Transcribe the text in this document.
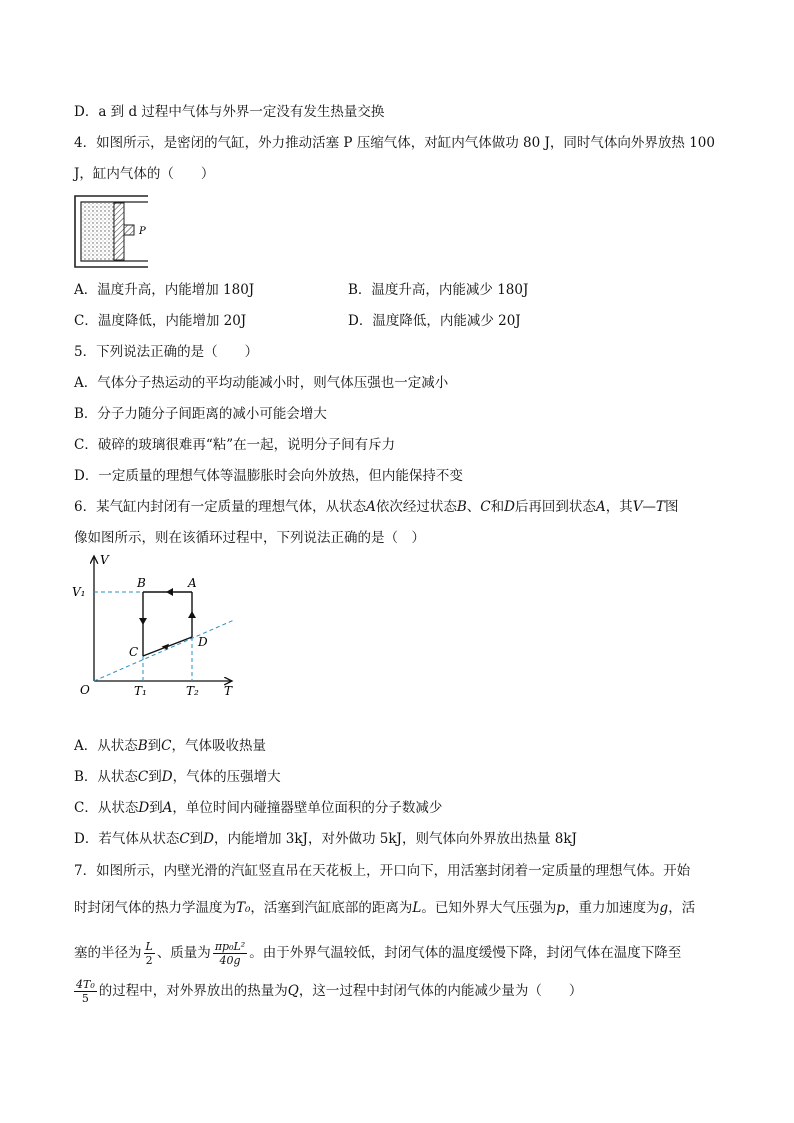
D．a 到 d 过程中气体与外界一定没有发生热量交换
4．如图所示，是密闭的气缸，外力推动活塞 P 压缩气体，对缸内气体做功 80 J，同时气体向外界放热 100
J，缸内气体的（　　）
P
A．温度升高，内能增加 180J	B．温度升高，内能减少 180J
C．温度降低，内能增加 20J	D．温度降低，内能减少 20J
5．下列说法正确的是（　　）
A．气体分子热运动的平均动能减小时，则气体压强也一定减小
B．分子力随分子间距离的减小可能会增大
C．破碎的玻璃很难再“粘”在一起，说明分子间有斥力
D．一定质量的理想气体等温膨胀时会向外放热，但内能保持不变
6．某气缸内封闭有一定质量的理想气体，从状态A依次经过状态B、C和D后再回到状态A，其V—T图
像如图所示，则在该循环过程中，下列说法正确的是（　）
V
T
O
V₁
T₁	T₂
B	A
C
D
A．从状态B到C，气体吸收热量
B．从状态C到D，气体的压强增大
C．从状态D到A，单位时间内碰撞器壁单位面积的分子数减少
D．若气体从状态C到D，内能增加 3kJ，对外做功 5kJ，则气体向外界放出热量 8kJ
7．如图所示，内壁光滑的汽缸竖直吊在天花板上，开口向下，用活塞封闭着一定质量的理想气体。开始
时封闭气体的热力学温度为T₀，活塞到汽缸底部的距离为L。已知外界大气压强为p，重力加速度为g，活
塞的半径为 $\frac{L}{2}$ 、质量为 $\frac{\text{πp₀L²}}{40g}$ 。由于外界气温较低，封闭气体的温度缓慢下降，封闭气体在温度下降至
$\frac{\text{4T₀}}{5}$ 的过程中，对外界放出的热量为Q，这一过程中封闭气体的内能减少量为（　　）
